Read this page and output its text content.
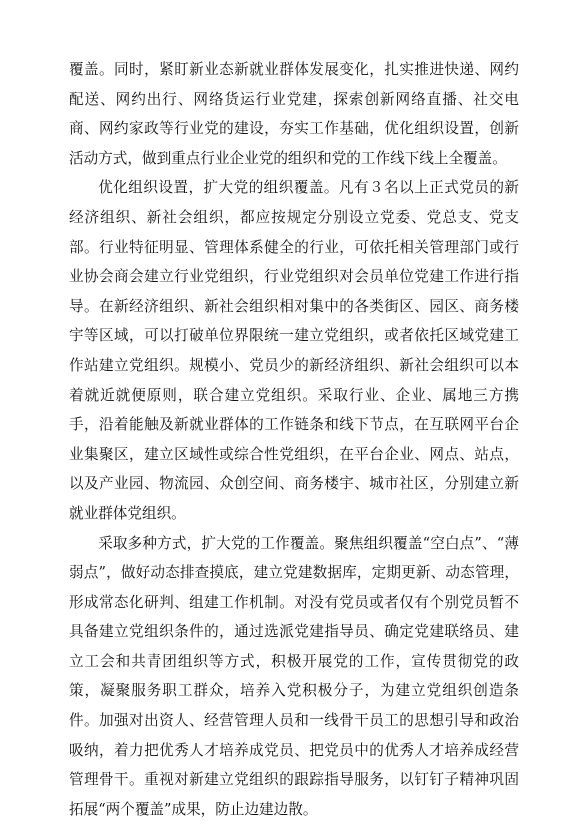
覆盖。同时，紧盯新业态新就业群体发展变化，扎实推进快递、网约配送、网约出行、网络货运行业党建，探索创新网络直播、社交电商、网约家政等行业党的建设，夯实工作基础，优化组织设置，创新活动方式，做到重点行业企业党的组织和党的工作线下线上全覆盖。

优化组织设置，扩大党的组织覆盖。凡有３名以上正式党员的新经济组织、新社会组织，都应按规定分别设立党委、党总支、党支部。行业特征明显、管理体系健全的行业，可依托相关管理部门或行业协会商会建立行业党组织，行业党组织对会员单位党建工作进行指导。在新经济组织、新社会组织相对集中的各类街区、园区、商务楼宇等区域，可以打破单位界限统一建立党组织，或者依托区域党建工作站建立党组织。规模小、党员少的新经济组织、新社会组织可以本着就近就便原则，联合建立党组织。采取行业、企业、属地三方携手，沿着能触及新就业群体的工作链条和线下节点，在互联网平台企业集聚区，建立区域性或综合性党组织，在平台企业、网点、站点，以及产业园、物流园、众创空间、商务楼宇、城市社区，分别建立新就业群体党组织。

采取多种方式，扩大党的工作覆盖。聚焦组织覆盖“空白点”、“薄弱点”，做好动态排查摸底，建立党建数据库，定期更新、动态管理，形成常态化研判、组建工作机制。对没有党员或者仅有个别党员暂不具备建立党组织条件的，通过选派党建指导员、确定党建联络员、建立工会和共青团组织等方式，积极开展党的工作，宣传贯彻党的政策，凝聚服务职工群众，培养入党积极分子，为建立党组织创造条件。加强对出资人、经营管理人员和一线骨干员工的思想引导和政治吸纳，着力把优秀人才培养成党员、把党员中的优秀人才培养成经营管理骨干。重视对新建立党组织的跟踪指导服务，以钉钉子精神巩固拓展“两个覆盖”成果，防止边建边散。
